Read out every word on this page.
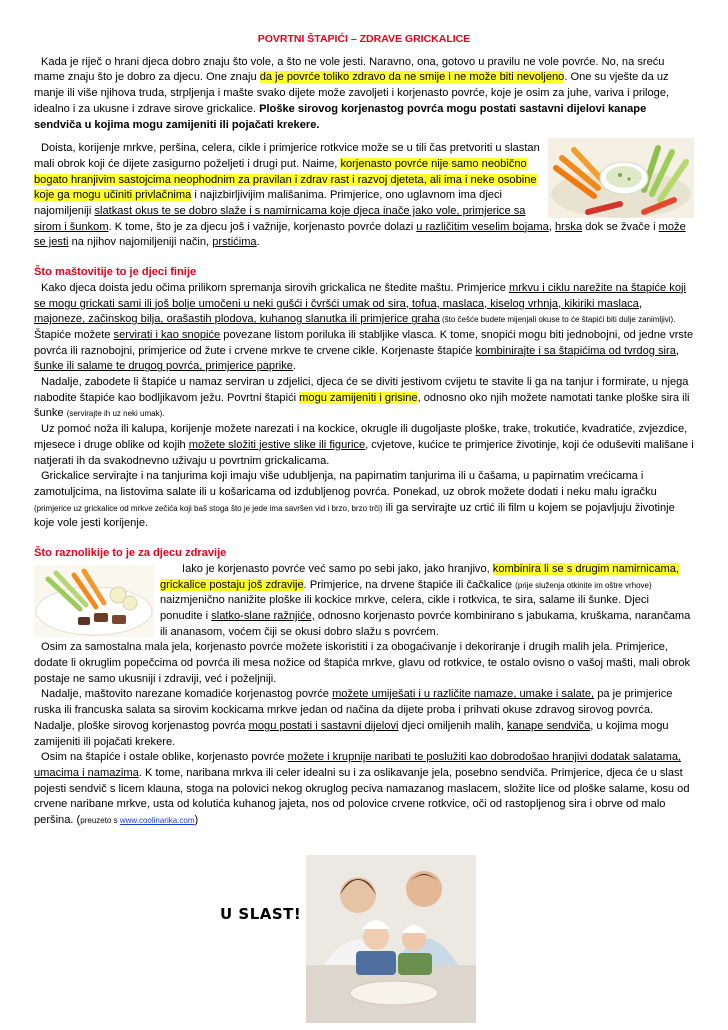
POVRTNI ŠTAPIĆI – ZDRAVE GRICKALICE

Kada je riječ o hrani djeca dobro znaju što vole, a što ne vole jesti. Naravno, ona, gotovo u pravilu ne vole povrće. No, na sreću mame znaju što je dobro za djecu. One znaju da je povrće toliko zdravo da ne smije i ne može biti nevoljeno. One su vješte da uz manje ili više njihova truda, strpljenja i mašte svako dijete može zavoljeti i korjenasto povrće, koje je osim za juhe, variva i priloge, idealno i za ukusne i zdrave sirove grickalice. Ploške sirovog korjenastog povrća mogu postati sastavni dijelovi kanape sendviča u kojima mogu zamijeniti ili pojačati krekere.

Doista, korijenje mrkve, peršina, celera, cikle i primjerice rotkvice može se u tili čas pretvoriti u slastan mali obrok koji će dijete zasigurno poželjeti i drugi put. Naime, korjenasto povrće nije samo neobično bogato hranjivim sastojcima neophodnim za pravilan i zdrav rast i razvoj djeteta, ali ima i neke osobine koje ga mogu učiniti privlačnima i najizbirljivijim mališanima. Primjerice, ono uglavnom ima djeci najomiljeniji slatkast okus te se dobro slaže i s namirnicama koje djeca inače jako vole, primjerice sa sirom i šunkom. K tome, što je za djecu još i važnije, korjenasto povrće dolazi u različitim veselim bojama, hrska dok se žvače i može se jesti na njihov najomiljeniji način, prstićima.

Što maštovitije to je djeci finije

Kako djeca doista jedu očima prilikom spremanja sirovih grickalica ne štedite maštu. Primjerice mrkvu i ciklu narežite na štapiće koji se mogu grickati sami ili još bolje umočeni u neki gušći i čvršći umak od sira, tofua, maslaca, kiselog vrhnja, kikiriki maslaca, majoneze, začinskog bilja, orašastih plodova, kuhanog slanutka ili primjerice graha (što češće budete mijenjali okuse to će štapići biti dulje zanimljivi). Štapiće možete servirati i kao snopiće povezane listom poriluka ili stabljike vlasca. K tome, snopići mogu biti jednobojni, od jedne vrste povrća ili raznobojni, primjerice od žute i crvene mrkve te crvene cikle. Korjenaste štapiće kombinirajte i sa štapićima od tvrdog sira, šunke ili salame te drugog povrća, primjerice paprike.

Nadalje, zabodete li štapiće u namaz serviran u zdjelici, djeca će se diviti jestivom cvijetu te stavite li ga na tanjur i formirate, u njega nabodite štapiće kao bodljikavom ježu. Povrtni štapići mogu zamijeniti i grisine, odnosno oko njih možete namotati tanke ploške sira ili šunke (servirajte ih uz neki umak).

Uz pomoć noža ili kalupa, korijenje možete narezati i na kockice, okrugle ili dugoljaste ploške, trake, trokutiće, kvadratiće, zvjezdice, mjesece i druge oblike od kojih možete složiti jestive slike ili figurice, cvjetove, kućice te primjerice životinje, koji će oduševiti mališane i natjerati ih da svakodnevno uživaju u povrtnim grickalicama.

Grickalice servirajte i na tanjurima koji imaju više udubljenja, na papirnatim tanjurima ili u čašama, u papirnatim vrećicama i zamotuljcima, na listovima salate ili u košaricama od izdubljenog povrća. Ponekad, uz obrok možete dodati i neku malu igračku (primjerice uz grickalice od mrkve zečića koji baš stoga što je jede ima savršen vid i brzo, brzo trči) ili ga servirajte uz crtić ili film u kojem se pojavljuju životinje koje vole jesti korijenje.

Što raznolikije to je za djecu zdravije

Iako je korjenasto povrće već samo po sebi jako, jako hranjivo, kombinira li se s drugim namirnicama, grickalice postaju još zdravije. Primjerice, na drvene štapiće ili čačkalice (prije služenja otkinite im oštre vrhove) naizmjenično nanižite ploške ili kockice mrkve, celera, cikle i rotkvica, te sira, salame ili šunke. Djeci ponudite i slatko-slane ražnjiće, odnosno korjenasto povrće kombinirano s jabukama, kruškama, narančama ili ananasom, voćem čiji se okusi dobro slažu s povrćem.

Osim za samostalna mala jela, korjenasto povrće možete iskoristiti i za obogaćivanje i dekoriranje i drugih malih jela. Primjerice, dodate li okruglim popečcima od povrća ili mesa nožice od štapića mrkve, glavu od rotkvice, te ostalo ovisno o vašoj mašti, mali obrok postaje ne samo ukusniji i zdraviji, već i poželjniji.

Nadalje, maštovito narezane komadiće korjenastog povrće možete umiješati i u različite namaze, umake i salate, pa je primjerice ruska ili francuska salata sa sirovim kockicama mrkve jedan od načina da dijete proba i prihvati okuse zdravog sirovog povrća. Nadalje, ploške sirovog korjenastog povrća mogu postati i sastavni dijelovi djeci omiljenih malih, kanape sendviča, u kojima mogu zamijeniti ili pojačati krekere.

Osim na štapiće i ostale oblike, korjenasto povrće možete i krupnije naribati te poslužiti kao dobrodošao hranjivi dodatak salatama, umacima i namazima. K tome, naribana mrkva ili celer idealni su i za oslikavanje jela, posebno sendviča. Primjerice, djeca će u slast pojesti sendvič s licem klauna, stoga na polovici nekog okruglog peciva namazanog maslacem, složite lice od ploške salame, kosu od crvene naribane mrkve, usta od kolutića kuhanog jajeta, nos od polovice crvene rotkvice, oči od rastopljenog sira i obrve od malo peršina. (preuzeto s www.coolinarika.com)

U SLAST!
